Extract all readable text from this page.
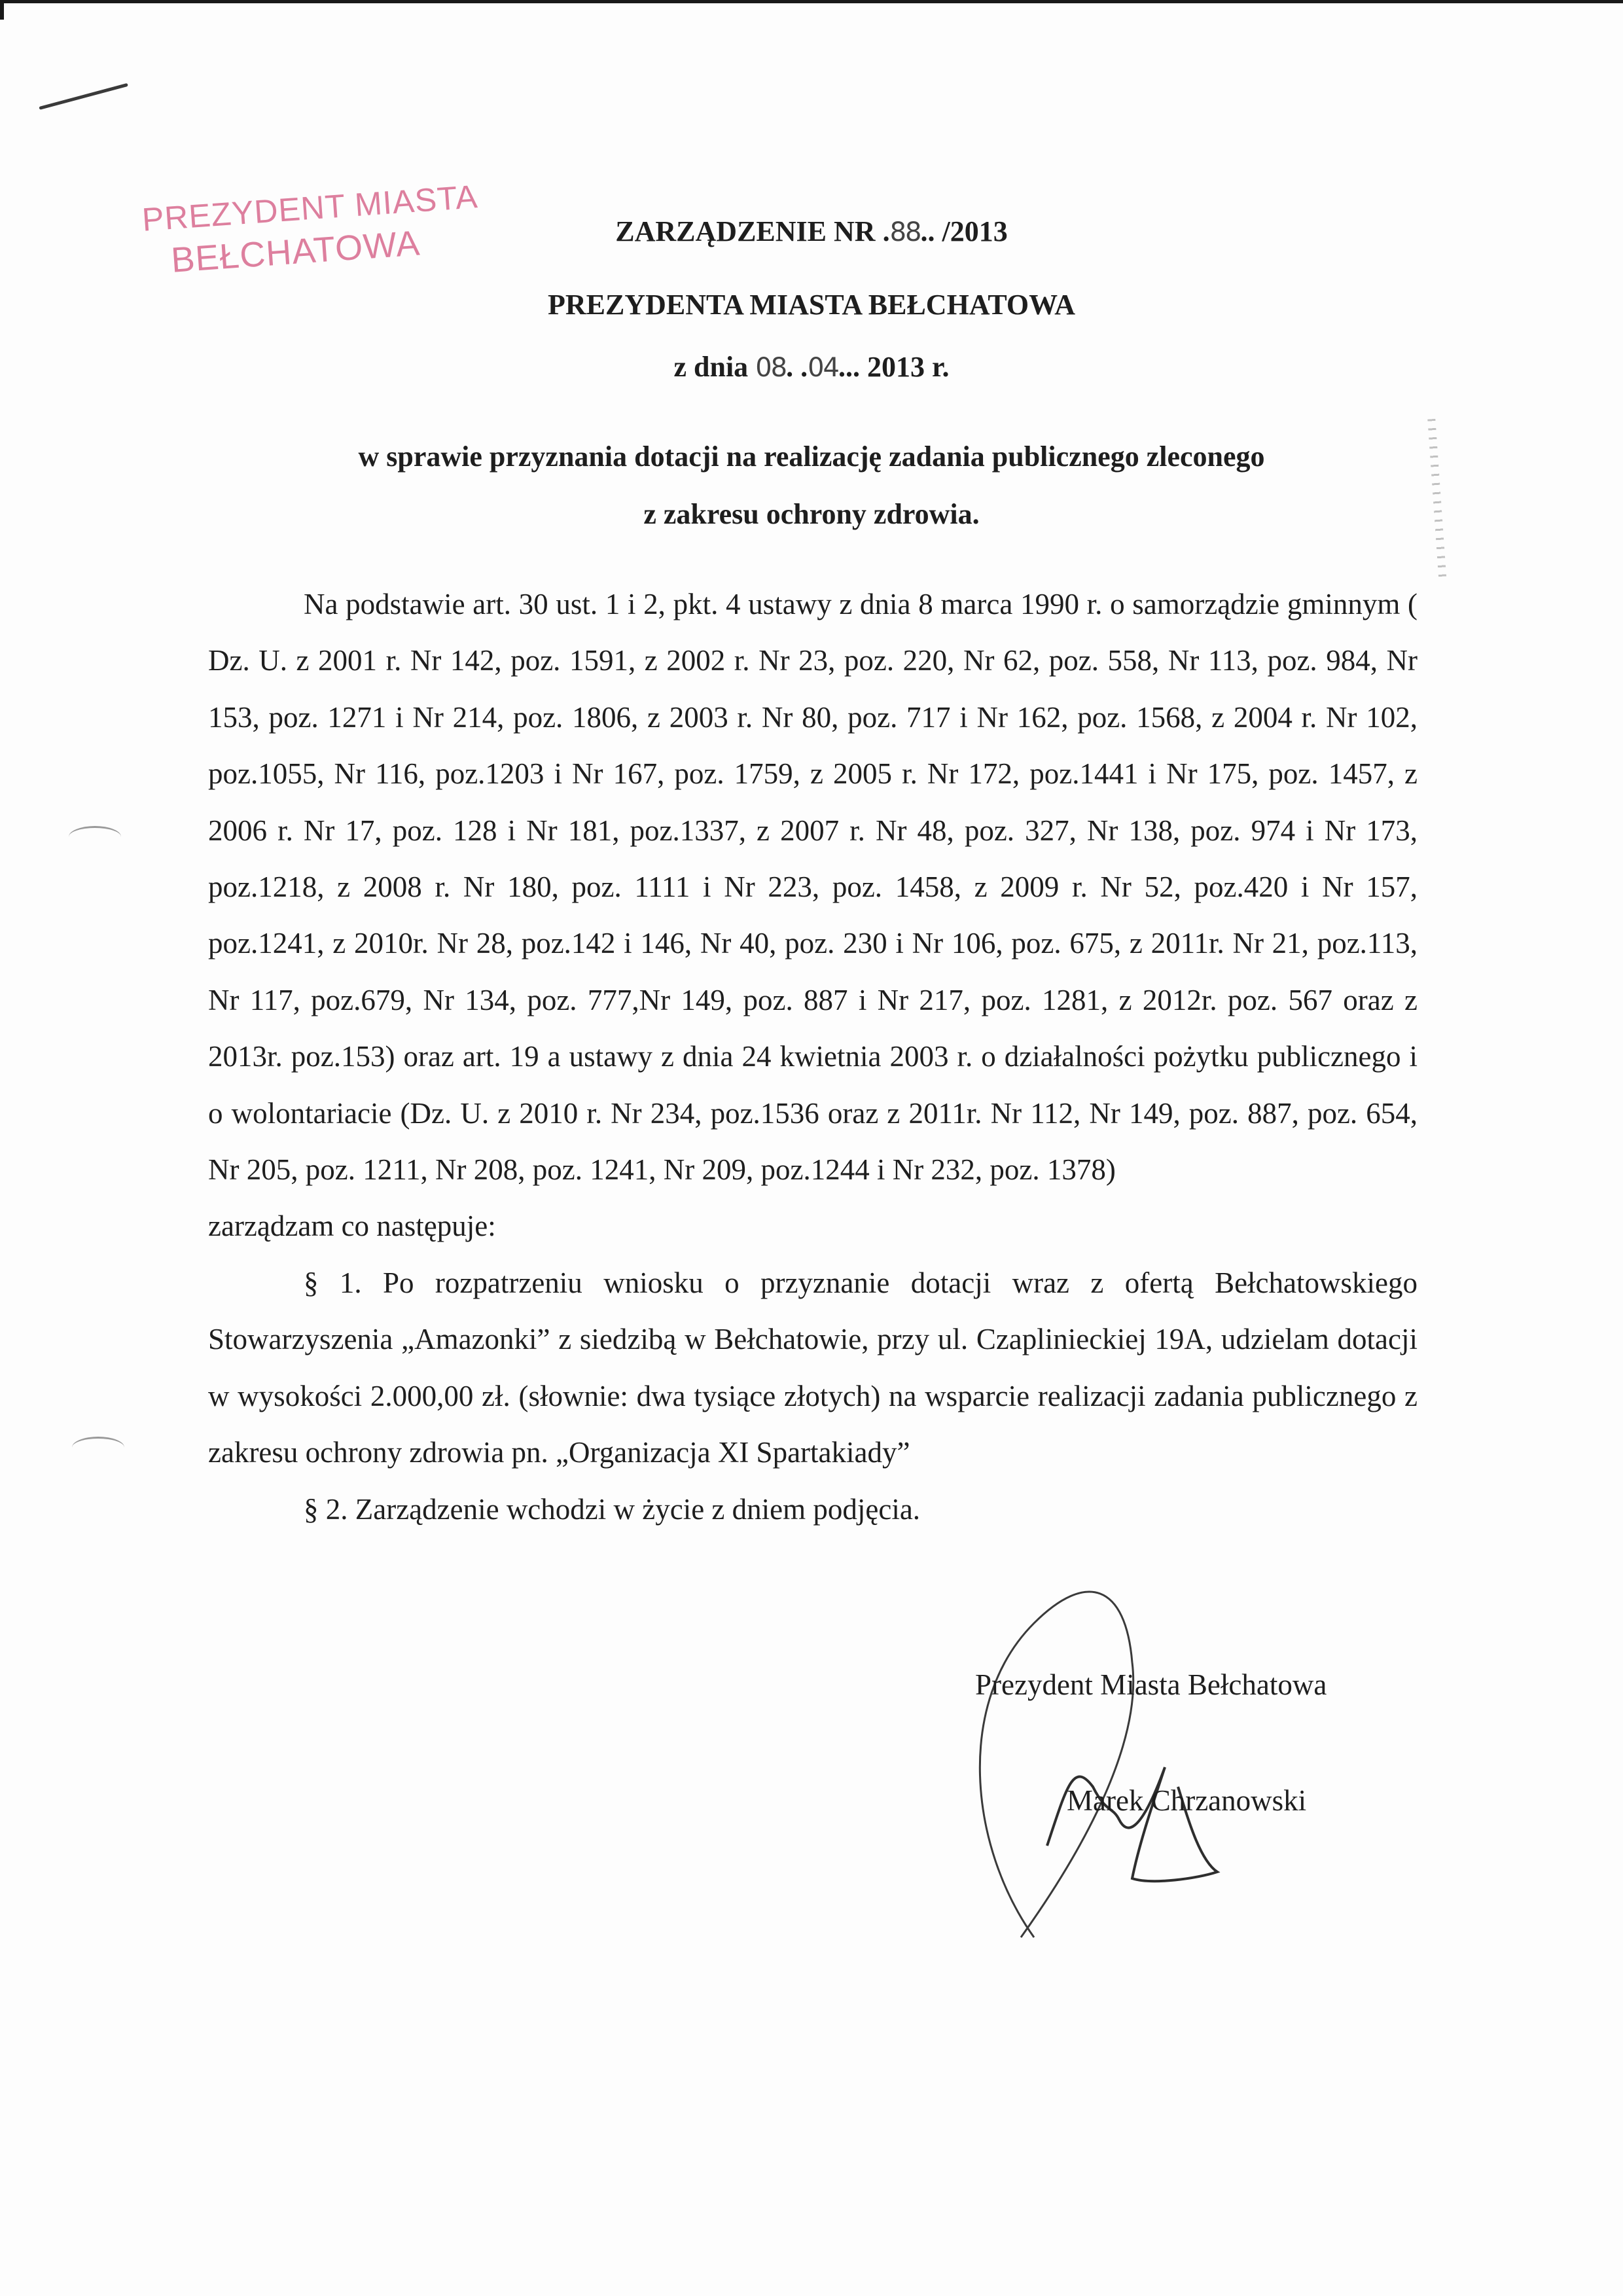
PREZYDENT MIASTA
BEŁCHATOWA	ZARZĄDZENIE NR .88.. /2013
PREZYDENTA MIASTA BEŁCHATOWA
z dnia 08. .04... 2013 r.
w sprawie przyznania dotacji na realizację zadania publicznego zleconego
z zakresu ochrony zdrowia.

Na podstawie art. 30 ust. 1 i 2, pkt. 4 ustawy z dnia 8 marca 1990 r. o samorządzie gminnym ( Dz. U. z 2001 r. Nr 142, poz. 1591, z 2002 r. Nr 23, poz. 220, Nr 62, poz. 558, Nr 113, poz. 984, Nr 153, poz. 1271 i Nr 214, poz. 1806, z 2003 r. Nr 80, poz. 717 i Nr 162, poz. 1568, z 2004 r. Nr 102, poz.1055, Nr 116, poz.1203 i Nr 167, poz. 1759, z 2005 r. Nr 172, poz.1441 i Nr 175, poz. 1457, z 2006 r. Nr 17, poz. 128 i Nr 181, poz.1337, z 2007 r. Nr 48, poz. 327, Nr 138, poz. 974 i Nr 173, poz.1218, z 2008 r. Nr 180, poz. 1111 i Nr 223, poz. 1458, z 2009 r. Nr 52, poz.420 i Nr 157, poz.1241, z 2010r. Nr 28, poz.142 i 146, Nr 40, poz. 230 i Nr 106, poz. 675, z 2011r. Nr 21, poz.113, Nr 117, poz.679, Nr 134, poz. 777,Nr 149, poz. 887 i Nr 217, poz. 1281, z 2012r. poz. 567 oraz z 2013r. poz.153) oraz art. 19 a ustawy z dnia 24 kwietnia 2003 r. o działalności pożytku publicznego i o wolontariacie (Dz. U. z 2010 r. Nr 234, poz.1536 oraz z 2011r. Nr 112, Nr 149, poz. 887, poz. 654, Nr 205, poz. 1211, Nr 208, poz. 1241, Nr 209, poz.1244 i Nr 232, poz. 1378)

zarządzam co następuje:

§ 1. Po rozpatrzeniu wniosku o przyznanie dotacji wraz z ofertą Bełchatowskiego Stowarzyszenia „Amazonki” z siedzibą w Bełchatowie, przy ul. Czaplinieckiej 19A, udzielam dotacji w wysokości 2.000,00 zł. (słownie: dwa tysiące złotych) na wsparcie realizacji zadania publicznego z zakresu ochrony zdrowia pn. „Organizacja XI Spartakiady”

§ 2. Zarządzenie wchodzi w życie z dniem podjęcia.

Prezydent Miasta Bełchatowa
Marek Chrzanowski
